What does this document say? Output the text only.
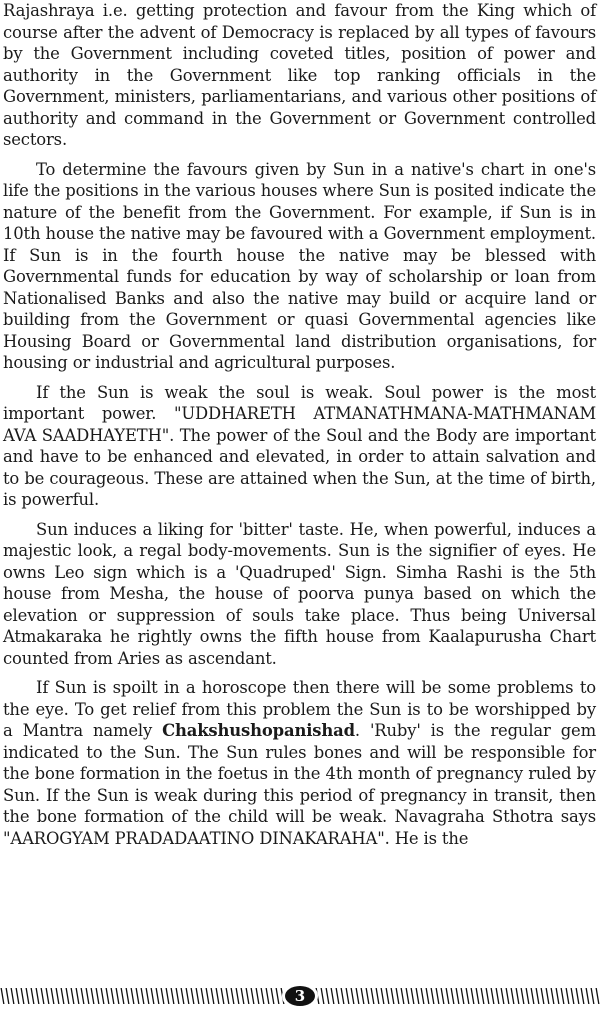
Rajashraya i.e. getting protection and favour from the King which of course after the advent of Democracy is replaced by all types of favours by the Government including coveted titles, position of power and authority in the Government like top ranking officials in the Government, ministers, parliamentarians, and various other positions of authority and command in the Government or Government controlled sectors.

To determine the favours given by Sun in a native's chart in one's life the positions in the various houses where Sun is posited indicate the nature of the benefit from the Government. For example, if Sun is in 10th house the native may be favoured with a Government employment. If Sun is in the fourth house the native may be blessed with Governmental funds for education by way of scholarship or loan from Nationalised Banks and also the native may build or acquire land or building from the Government or quasi Governmental agencies like Housing Board or Governmental land distribution organisations, for housing or industrial and agricultural purposes.

If the Sun is weak the soul is weak. Soul power is the most important power. "UDDHARETH ATMANATHMANA-MATHMANAM AVA SAADHAYETH". The power of the Soul and the Body are important and have to be enhanced and elevated, in order to attain salvation and to be courageous. These are attained when the Sun, at the time of birth, is powerful.

Sun induces a liking for 'bitter' taste. He, when powerful, induces a majestic look, a regal body-movements. Sun is the signifier of eyes. He owns Leo sign which is a 'Quadruped' Sign. Simha Rashi is the 5th house from Mesha, the house of poorva punya based on which the elevation or suppression of souls take place. Thus being Universal Atmakaraka he rightly owns the fifth house from Kaalapurusha Chart counted from Aries as ascendant.

If Sun is spoilt in a horoscope then there will be some problems to the eye. To get relief from this problem the Sun is to be worshipped by a Mantra namely Chakshushopanishad. 'Ruby' is the regular gem indicated to the Sun. The Sun rules bones and will be responsible for the bone formation in the foetus in the 4th month of pregnancy ruled by Sun. If the Sun is weak during this period of pregnancy in transit, then the bone formation of the child will be weak. Navagraha Sthotra says "AAROGYAM PRADADAATINO DINAKARAHA". He is the

3
